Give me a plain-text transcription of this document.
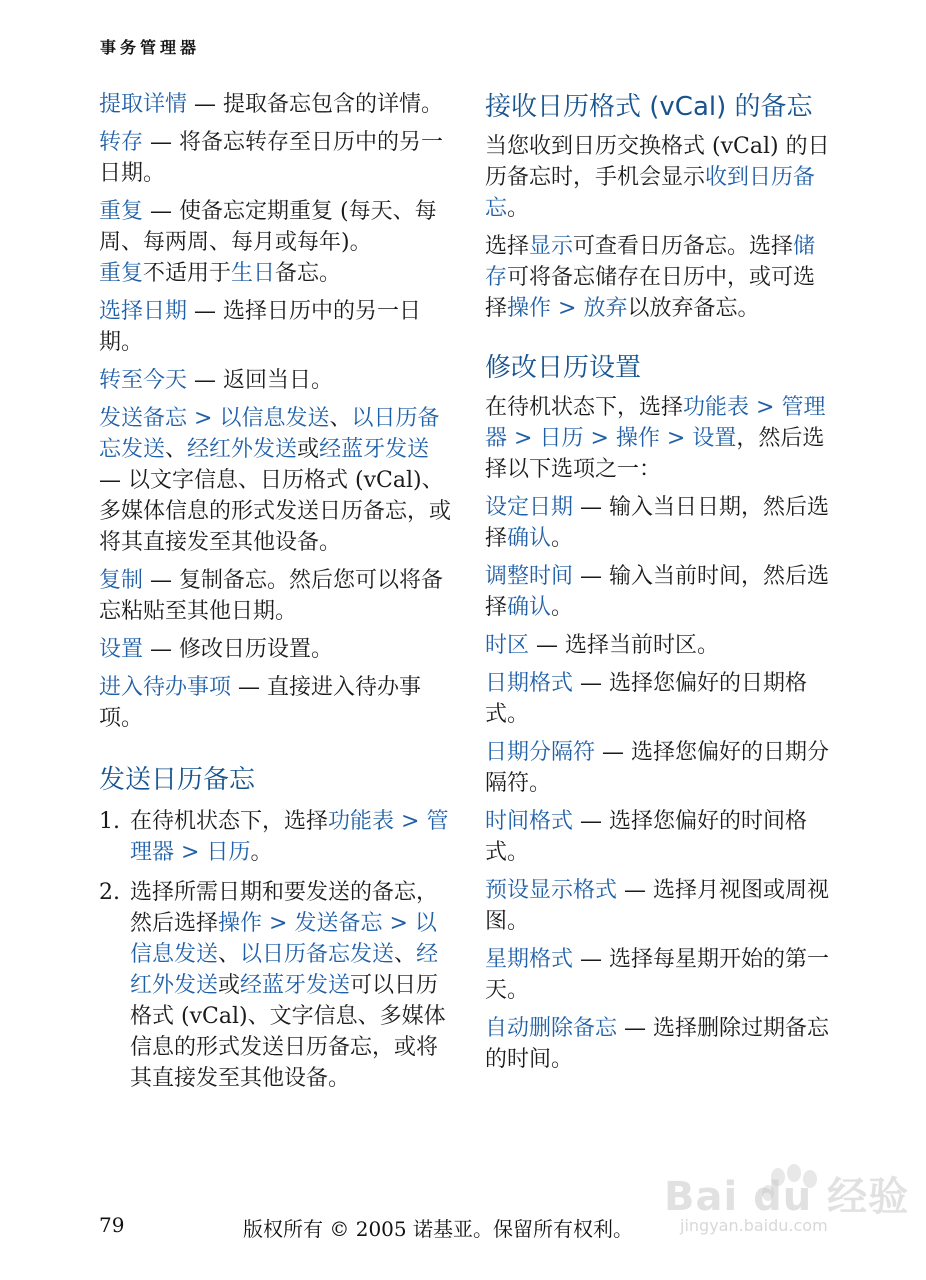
事务管理器

提取详情 — 提取备忘包含的详情。

转存 — 将备忘转存至日历中的另一日期。

重复 — 使备忘定期重复 (每天、每周、每两周、每月或每年)。
重复不适用于生日备忘。

选择日期 — 选择日历中的另一日期。

转至今天 — 返回当日。

发送备忘 > 以信息发送、以日历备忘发送、经红外发送或经蓝牙发送 — 以文字信息、日历格式 (vCal)、多媒体信息的形式发送日历备忘，或将其直接发至其他设备。

复制 — 复制备忘。然后您可以将备忘粘贴至其他日期。

设置 — 修改日历设置。

进入待办事项 — 直接进入待办事项。

发送日历备忘
1. 在待机状态下，选择功能表 > 管理器 > 日历。
2. 选择所需日期和要发送的备忘，然后选择操作 > 发送备忘 > 以信息发送、以日历备忘发送、经红外发送或经蓝牙发送可以日历格式 (vCal)、文字信息、多媒体信息的形式发送日历备忘，或将其直接发至其他设备。
接收日历格式 (vCal) 的备忘

当您收到日历交换格式 (vCal) 的日历备忘时，手机会显示收到日历备忘。

选择显示可查看日历备忘。选择储存可将备忘储存在日历中，或可选择操作 > 放弃以放弃备忘。

修改日历设置

在待机状态下，选择功能表 > 管理器 > 日历 > 操作 > 设置，然后选择以下选项之一：

设定日期 — 输入当日日期，然后选择确认。

调整时间 — 输入当前时间，然后选择确认。

时区 — 选择当前时区。

日期格式 — 选择您偏好的日期格式。

日期分隔符 — 选择您偏好的日期分隔符。

时间格式 — 选择您偏好的时间格式。

预设显示格式 — 选择月视图或周视图。

星期格式 — 选择每星期开始的第一天。

自动删除备忘 — 选择删除过期备忘的时间。

Bai du 经验
jingyan.baidu.com
79	版权所有 © 2005 诺基亚。保留所有权利。
